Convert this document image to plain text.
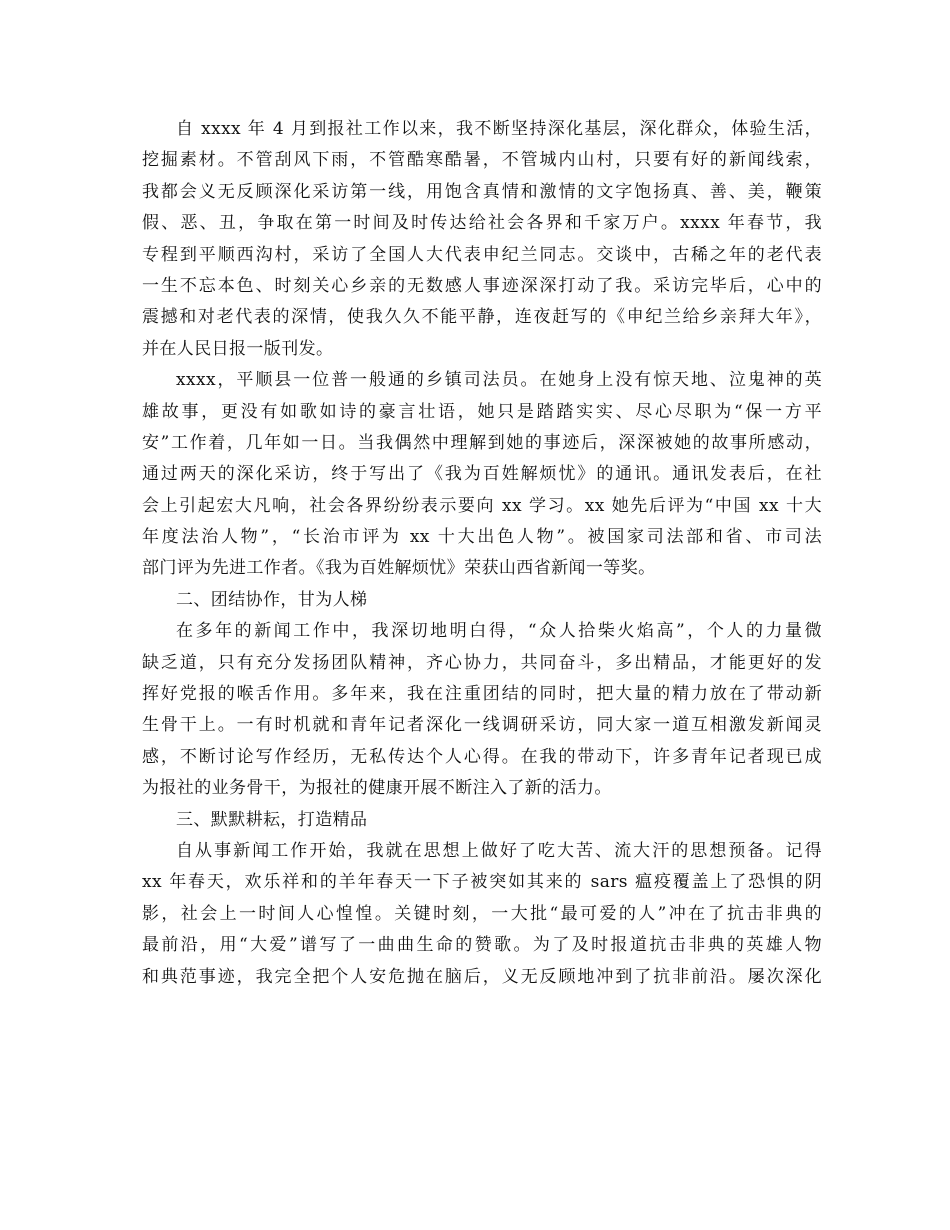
自 xxxx 年 4 月到报社工作以来，我不断坚持深化基层，深化群众，体验生活，
挖掘素材。不管刮风下雨，不管酷寒酷暑，不管城内山村，只要有好的新闻线索，
我都会义无反顾深化采访第一线，用饱含真情和激情的文字饱扬真、善、美，鞭策
假、恶、丑，争取在第一时间及时传达给社会各界和千家万户。xxxx 年春节，我
专程到平顺西沟村，采访了全国人大代表申纪兰同志。交谈中，古稀之年的老代表
一生不忘本色、时刻关心乡亲的无数感人事迹深深打动了我。采访完毕后，心中的
震撼和对老代表的深情，使我久久不能平静，连夜赶写的《申纪兰给乡亲拜大年》，
并在人民日报一版刊发。
xxxx，平顺县一位普一般通的乡镇司法员。在她身上没有惊天地、泣鬼神的英
雄故事，更没有如歌如诗的豪言壮语，她只是踏踏实实、尽心尽职为“保一方平
安”工作着，几年如一日。当我偶然中理解到她的事迹后，深深被她的故事所感动，
通过两天的深化采访，终于写出了《我为百姓解烦忧》的通讯。通讯发表后，在社
会上引起宏大凡响，社会各界纷纷表示要向 xx 学习。xx 她先后评为“中国 xx 十大
年度法治人物”，“长治市评为 xx 十大出色人物”。被国家司法部和省、市司法
部门评为先进工作者。《我为百姓解烦忧》荣获山西省新闻一等奖。
二、团结协作，甘为人梯
在多年的新闻工作中，我深切地明白得，“众人拾柴火焰高”，个人的力量微
缺乏道，只有充分发扬团队精神，齐心协力，共同奋斗，多出精品，才能更好的发
挥好党报的喉舌作用。多年来，我在注重团结的同时，把大量的精力放在了带动新
生骨干上。一有时机就和青年记者深化一线调研采访，同大家一道互相激发新闻灵
感，不断讨论写作经历，无私传达个人心得。在我的带动下，许多青年记者现已成
为报社的业务骨干，为报社的健康开展不断注入了新的活力。
三、默默耕耘，打造精品
自从事新闻工作开始，我就在思想上做好了吃大苦、流大汗的思想预备。记得
xx 年春天，欢乐祥和的羊年春天一下子被突如其来的 sars 瘟疫覆盖上了恐惧的阴
影，社会上一时间人心惶惶。关键时刻，一大批“最可爱的人”冲在了抗击非典的
最前沿，用“大爱”谱写了一曲曲生命的赞歌。为了及时报道抗击非典的英雄人物
和典范事迹，我完全把个人安危抛在脑后，义无反顾地冲到了抗非前沿。屡次深化
